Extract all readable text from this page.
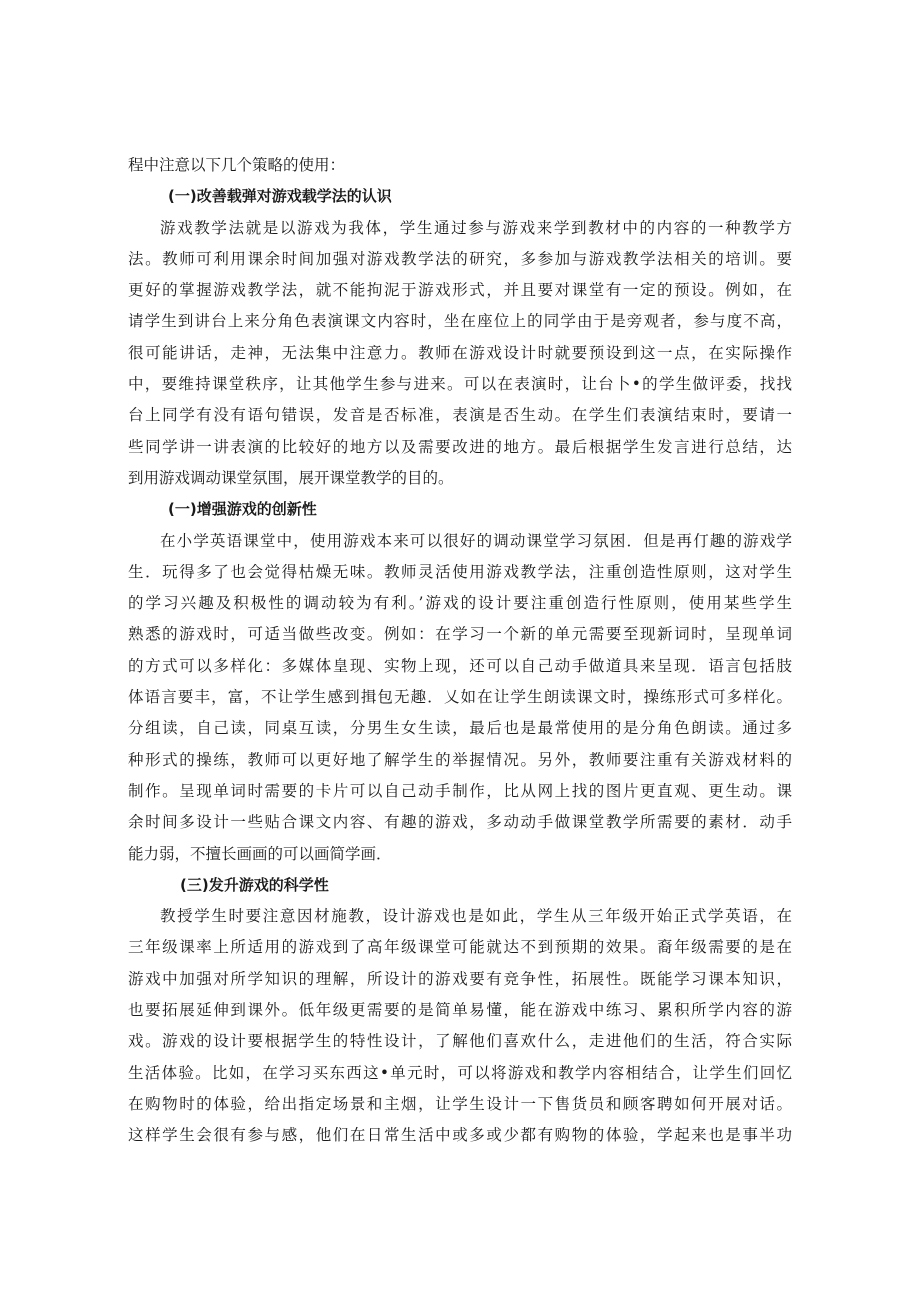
程中注意以下几个策略的使用：

(一)改善载弹对游戏载学法的认识

游戏教学法就是以游戏为我体，学生通过参与游戏来学到教材中的内容的一种教学方

法。教师可利用课余时间加强对游戏教学法的研究，多参加与游戏教学法相关的培训。要

更好的掌握游戏教学法，就不能拘泥于游戏形式，并且要对课堂有一定的预设。例如，在

请学生到讲台上来分角色表演课文内容时，坐在座位上的同学由于是旁观者，参与度不高，

很可能讲话，走神，无法集中注意力。教师在游戏设计时就要预设到这一点，在实际操作

中，要维持课堂秩序，让其他学生参与进来。可以在表演时，让台卜•的学生做评委，找找

台上同学有没有语句错误，发音是否标准，表演是否生动。在学生们表演结束时，要请一

些同学讲一讲表演的比较好的地方以及需要改进的地方。最后根据学生发言进行总结，达

到用游戏调动课堂氛围，展开课堂教学的目的。

(一)增强游戏的创新性

在小学英语课堂中，使用游戏本来可以很好的调动课堂学习氛困．但是再仃趣的游戏学

生．玩得多了也会觉得枯燥无味。教师灵活使用游戏教学法，注重创造性原则，这对学生

的学习兴趣及积极性的调动较为有利。’游戏的设计要注重创造行性原则，使用某些学生

熟悉的游戏时，可适当做些改变。例如：在学习一个新的单元需要至现新词时，呈现单词

的方式可以多样化：多媒体皇现、实物上现，还可以自己动手做道具来呈现．语言包括肢

体语言要丰，富，不让学生感到揖包无趣．乂如在让学生朗读课文时，操练形式可多样化。

分组读，自己读，同桌互读，分男生女生读，最后也是最常使用的是分角色朗读。通过多

种形式的操练，教师可以更好地了解学生的举握情况。另外，教师要注重有关游戏材料的

制作。呈现单词时需要的卡片可以自己动手制作，比从网上找的图片更直观、更生动。课

余时间多设计一些贴合课文内容、有趣的游戏，多动动手做课堂教学所需要的素材．动手

能力弱，不擅长画画的可以画简学画．

(三)发升游戏的科学性

教授学生时要注意因材施教，设计游戏也是如此，学生从三年级开始正式学英语，在

三年级课率上所适用的游戏到了高年级课堂可能就达不到预期的效果。裔年级需要的是在

游戏中加强对所学知识的理解，所设计的游戏要有竞争性，拓展性。既能学习课本知识，

也要拓展延伸到课外。低年级更需要的是简单易懂，能在游戏中练习、累积所学内容的游

戏。游戏的设计要根据学生的特性设计，了解他们喜欢什么，走进他们的生活，符合实际

生活体验。比如，在学习买东西这•单元时，可以将游戏和教学内容相结合，让学生们回忆

在购物时的体验，给出指定场景和主烟，让学生设计一下售货员和顾客聘如何开展对话。

这样学生会很有参与感，他们在日常生活中或多或少都有购物的体验，学起来也是事半功
